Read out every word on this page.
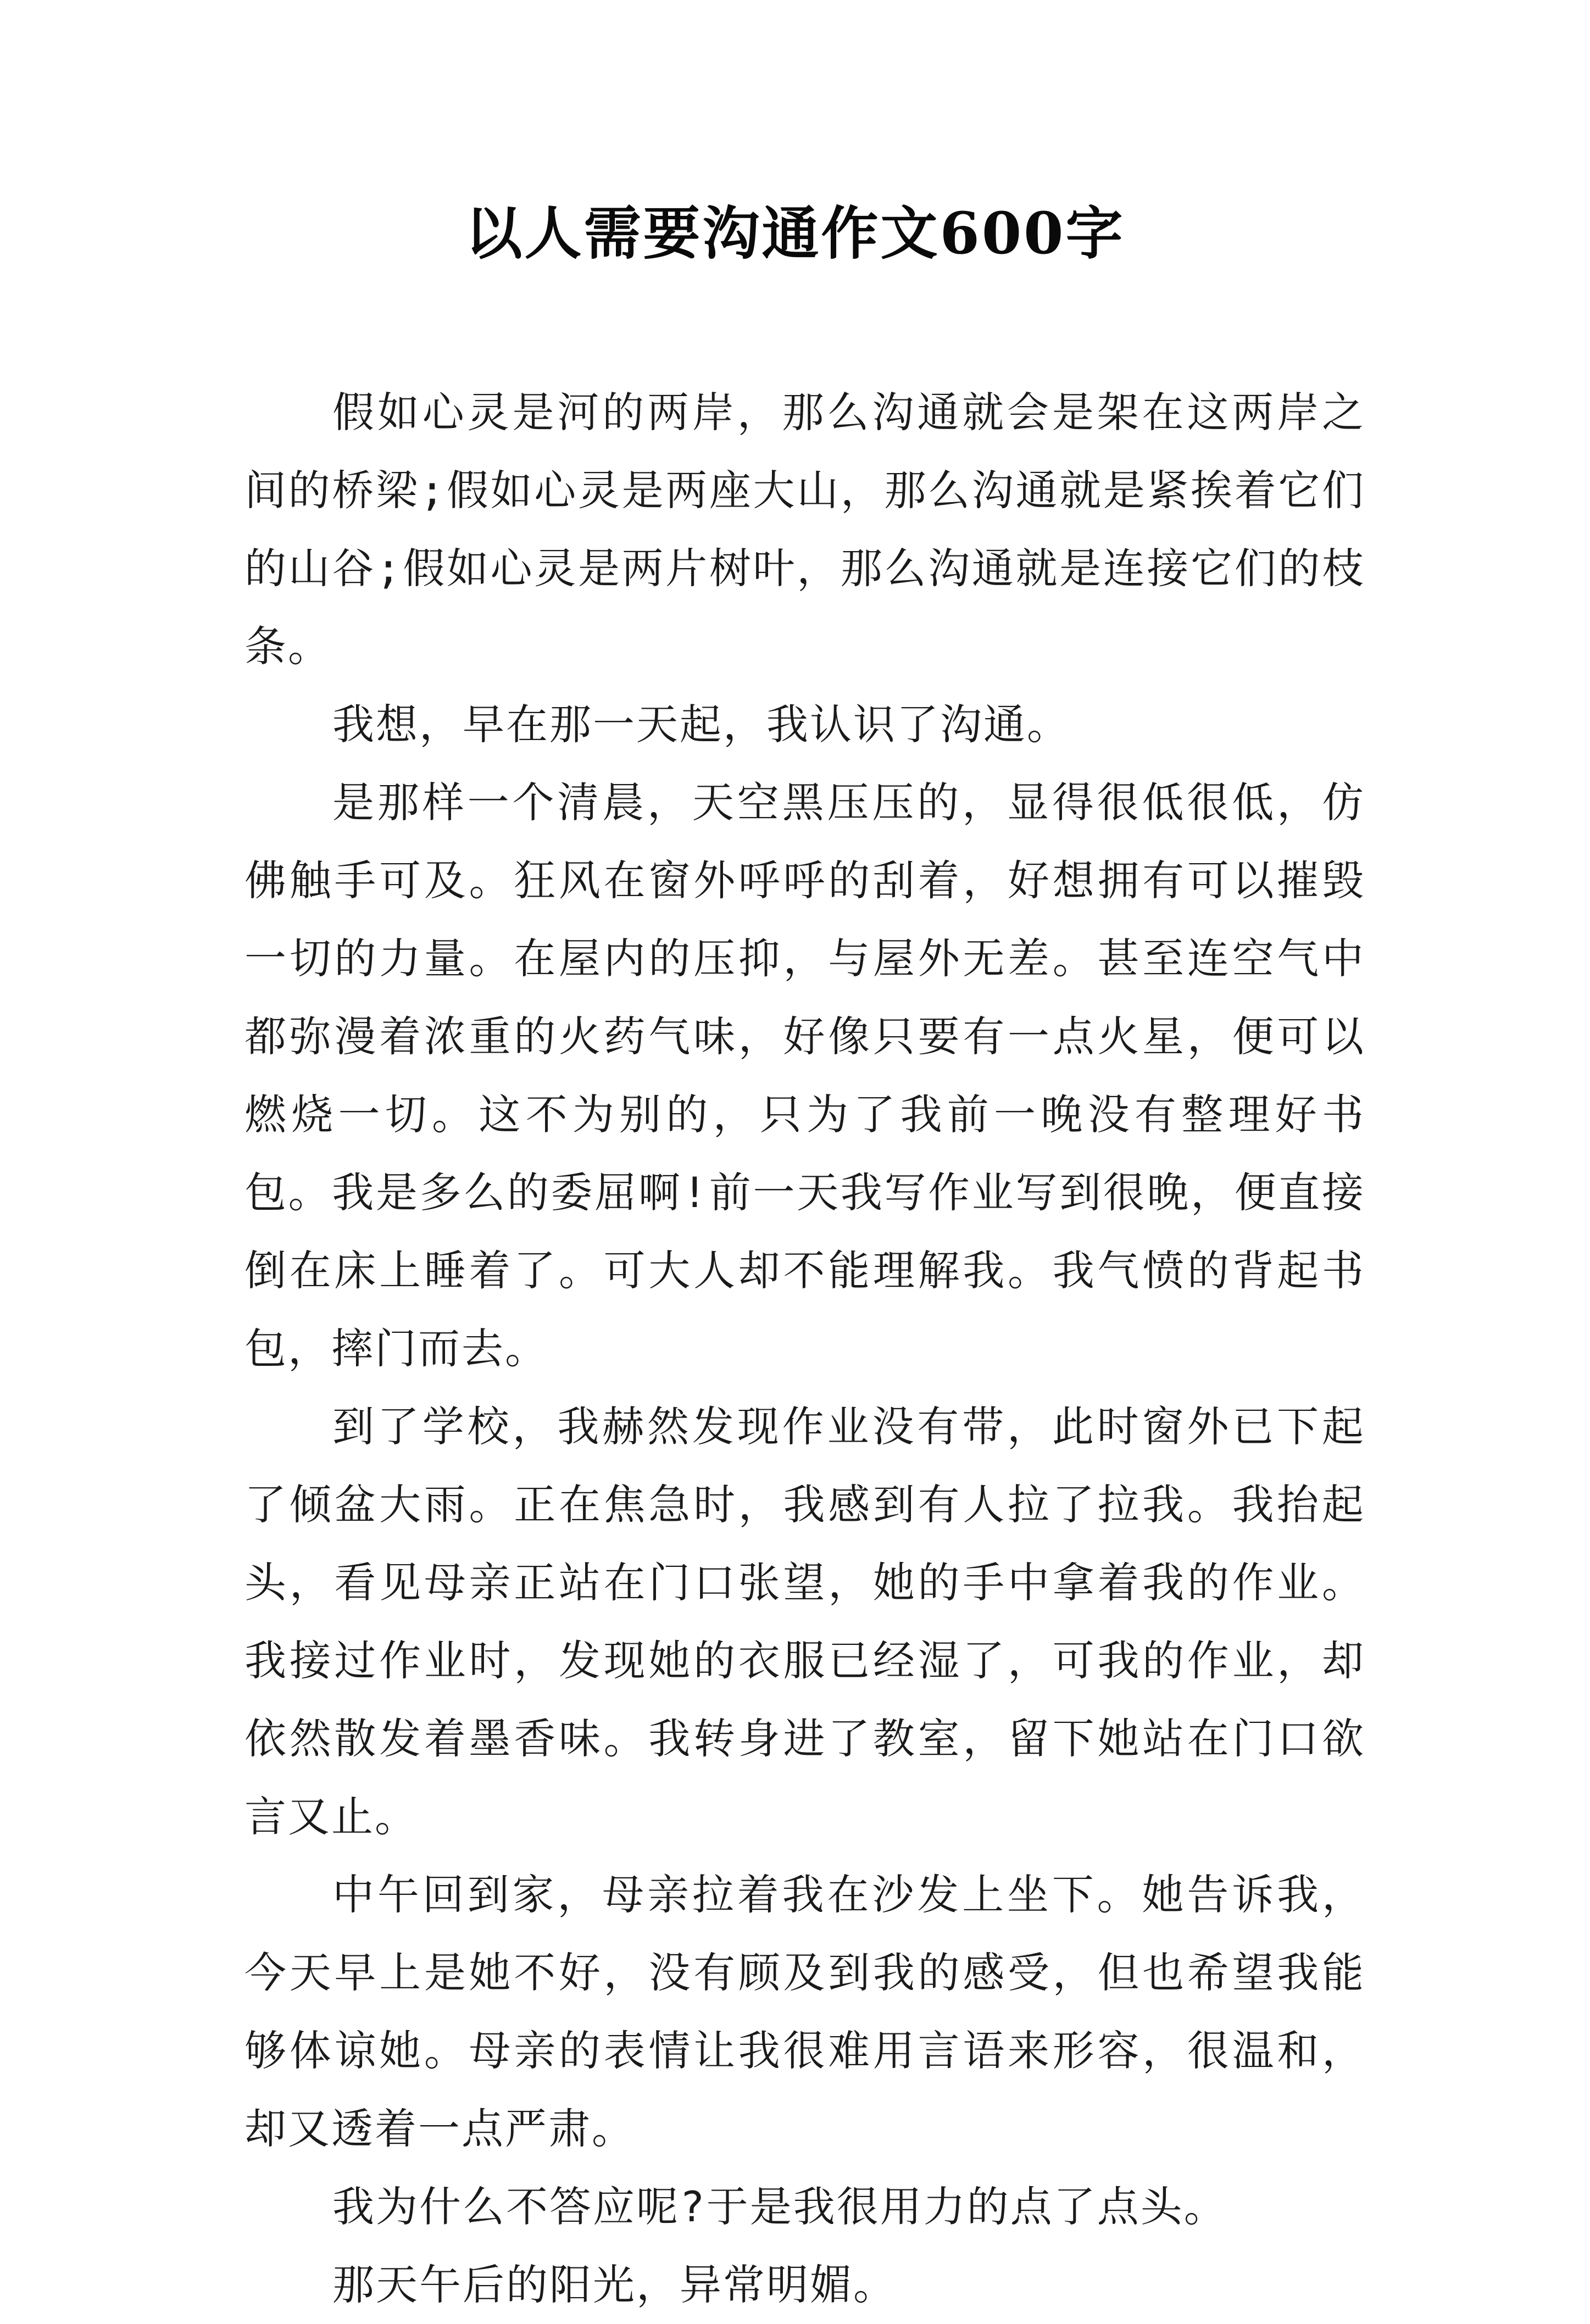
以人需要沟通作文600字

假如心灵是河的两岸，那么沟通就会是架在这两岸之间的桥梁;假如心灵是两座大山，那么沟通就是紧挨着它们的山谷;假如心灵是两片树叶，那么沟通就是连接它们的枝条。

我想，早在那一天起，我认识了沟通。

是那样一个清晨，天空黑压压的，显得很低很低，仿佛触手可及。狂风在窗外呼呼的刮着，好想拥有可以摧毁一切的力量。在屋内的压抑，与屋外无差。甚至连空气中都弥漫着浓重的火药气味，好像只要有一点火星，便可以燃烧一切。这不为别的，只为了我前一晚没有整理好书包。我是多么的委屈啊!前一天我写作业写到很晚，便直接倒在床上睡着了。可大人却不能理解我。我气愤的背起书包，摔门而去。

到了学校，我赫然发现作业没有带，此时窗外已下起了倾盆大雨。正在焦急时，我感到有人拉了拉我。我抬起头，看见母亲正站在门口张望，她的手中拿着我的作业。我接过作业时，发现她的衣服已经湿了，可我的作业，却依然散发着墨香味。我转身进了教室，留下她站在门口欲言又止。

中午回到家，母亲拉着我在沙发上坐下。她告诉我，今天早上是她不好，没有顾及到我的感受，但也希望我能够体谅她。母亲的表情让我很难用言语来形容，很温和，却又透着一点严肃。

我为什么不答应呢?于是我很用力的点了点头。

那天午后的阳光，异常明媚。
